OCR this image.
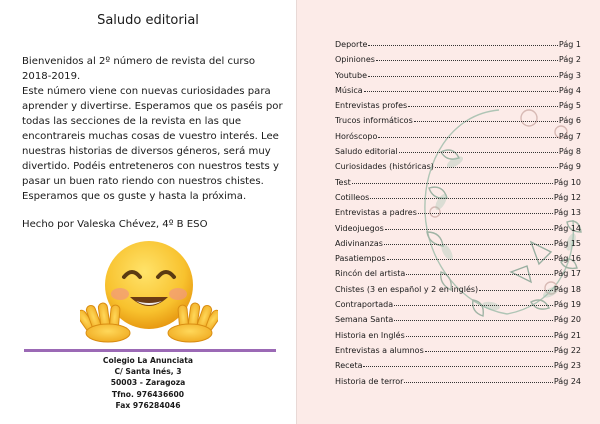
Saludo editorial
Bienvenidos al 2º número de revista del curso
2018-2019.
Este número viene con nuevas curiosidades para aprender y divertirse. Esperamos que os paséis por todas las secciones de la revista en las que encontrareis muchas cosas de vuestro interés. Lee nuestras historias de diversos géneros, será muy divertido. Podéis entreteneros con nuestros tests y pasar un buen rato riendo con nuestros chistes.
Esperamos que os guste y hasta la próxima.
Hecho por Valeska Chévez, 4º B ESO
Colegio La Anunciata
C/ Santa Inés, 3
50003 - Zaragoza
Tfno. 976436600
Fax 976284046
Deporte	Pág 1
Opiniones	Pág 2
Youtube	Pág 3
Música	Pág 4
Entrevistas profes	Pág 5
Trucos informáticos	Pág 6
Horóscopo	Pág 7
Saludo editorial	Pág 8
Curiosidades (históricas)	Pág 9
Test	Pág 10
Cotilleos	Pág 12
Entrevistas a padres	Pág 13
Videojuegos	Pág 14
Adivinanzas	Pág 15
Pasatiempos	Pág 16
Rincón del artista	Pág 17
Chistes (3 en español y 2 en inglés)	Pág 18
Contraportada	Pág 19
Semana Santa	Pág 20
Historia en Inglés	Pág 21
Entrevistas a alumnos	Pág 22
Receta	Pág 23
Historia de terror	Pág 24
